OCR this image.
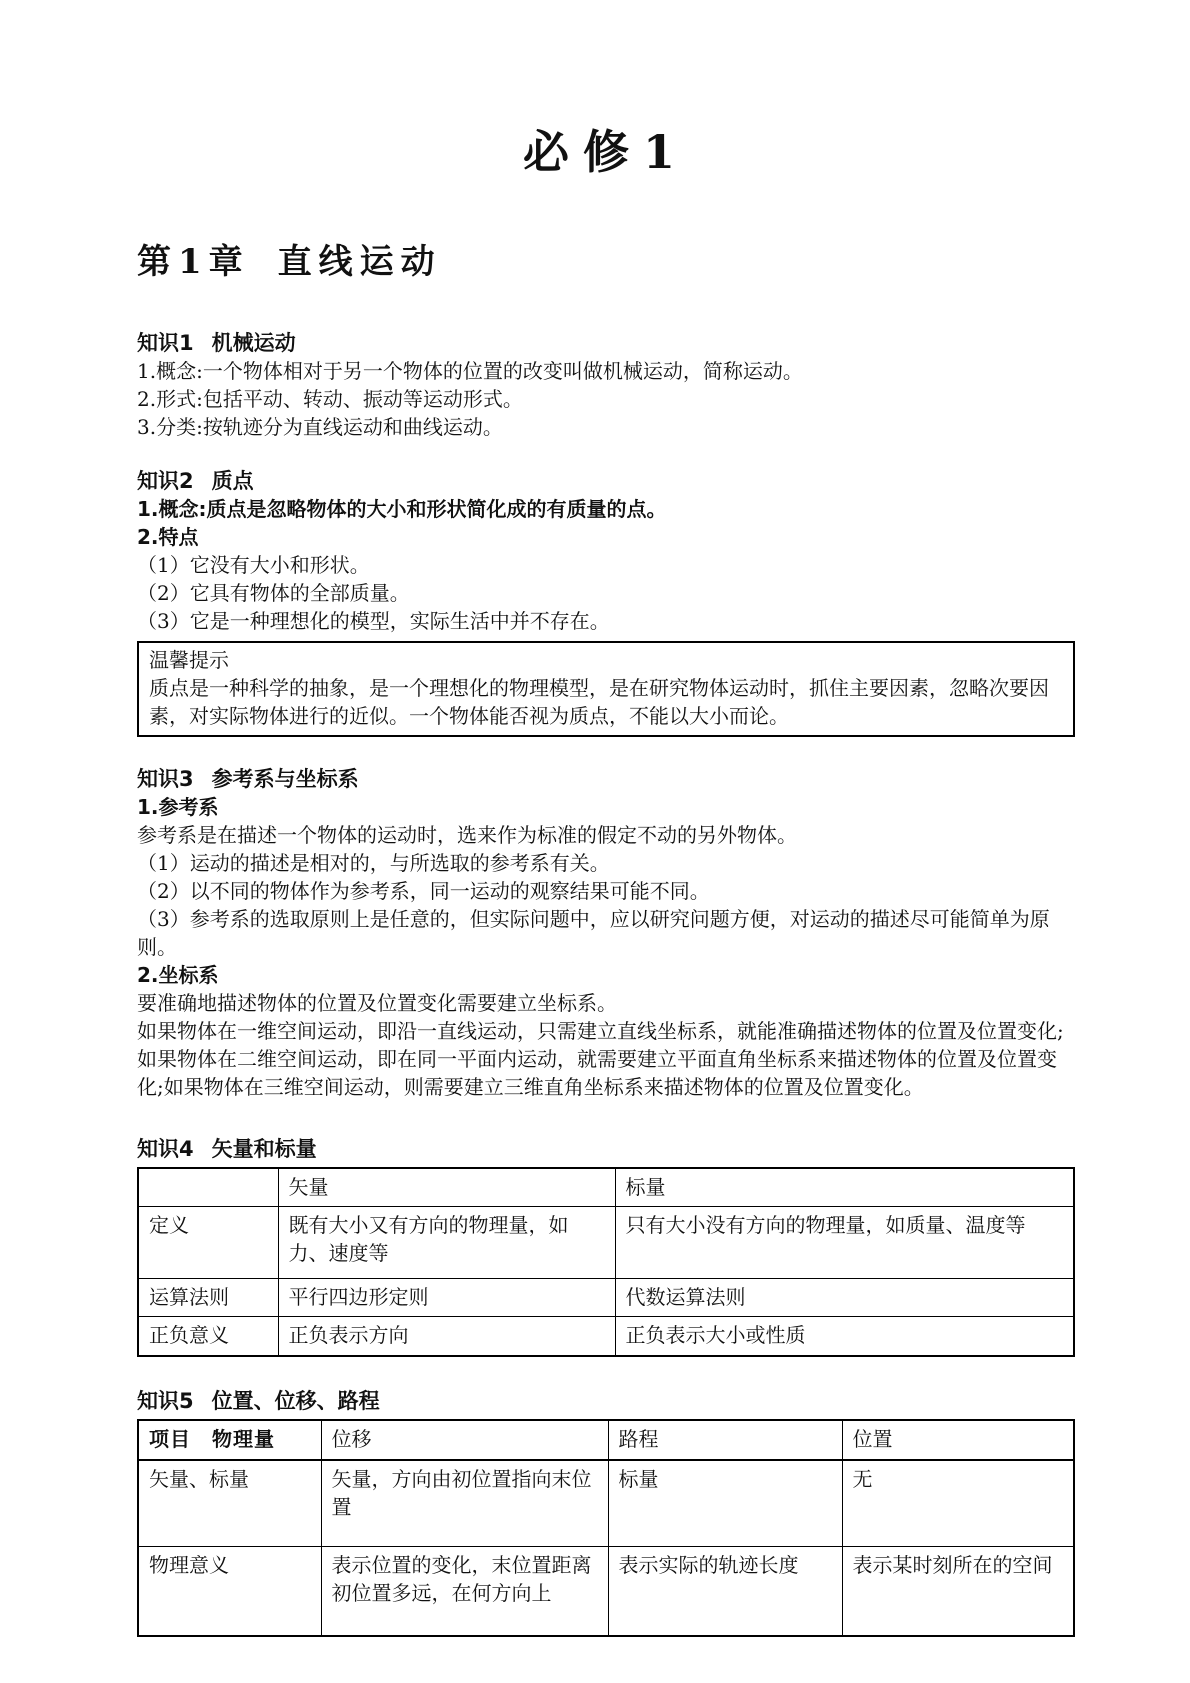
必修1
第1章 直线运动
知识1 机械运动
1.概念:一个物体相对于另一个物体的位置的改变叫做机械运动，简称运动。
2.形式:包括平动、转动、振动等运动形式。
3.分类:按轨迹分为直线运动和曲线运动。
知识2 质点
1.概念:质点是忽略物体的大小和形状简化成的有质量的点。
2.特点
（1）它没有大小和形状。
（2）它具有物体的全部质量。
（3）它是一种理想化的模型，实际生活中并不存在。
温馨提示
质点是一种科学的抽象，是一个理想化的物理模型，是在研究物体运动时，抓住主要因素，忽略次要因素，对实际物体进行的近似。一个物体能否视为质点，不能以大小而论。
知识3 参考系与坐标系
1.参考系
参考系是在描述一个物体的运动时，选来作为标准的假定不动的另外物体。
（1）运动的描述是相对的，与所选取的参考系有关。
（2）以不同的物体作为参考系，同一运动的观察结果可能不同。
（3）参考系的选取原则上是任意的，但实际问题中，应以研究问题方便，对运动的描述尽可能简单为原则。
2.坐标系
要准确地描述物体的位置及位置变化需要建立坐标系。
如果物体在一维空间运动，即沿一直线运动，只需建立直线坐标系，就能准确描述物体的位置及位置变化;如果物体在二维空间运动，即在同一平面内运动，就需要建立平面直角坐标系来描述物体的位置及位置变化;如果物体在三维空间运动，则需要建立三维直角坐标系来描述物体的位置及位置变化。
知识4 矢量和标量
	矢量	标量
定义	既有大小又有方向的物理量，如力、速度等	只有大小没有方向的物理量，如质量、温度等
运算法则	平行四边形定则	代数运算法则
正负意义	正负表示方向	正负表示大小或性质
知识5 位置、位移、路程
项目　物理量	位移	路程	位置
矢量、标量	矢量，方向由初位置指向末位置	标量	无
物理意义	表示位置的变化，末位置距离初位置多远，在何方向上	表示实际的轨迹长度	表示某时刻所在的空间
